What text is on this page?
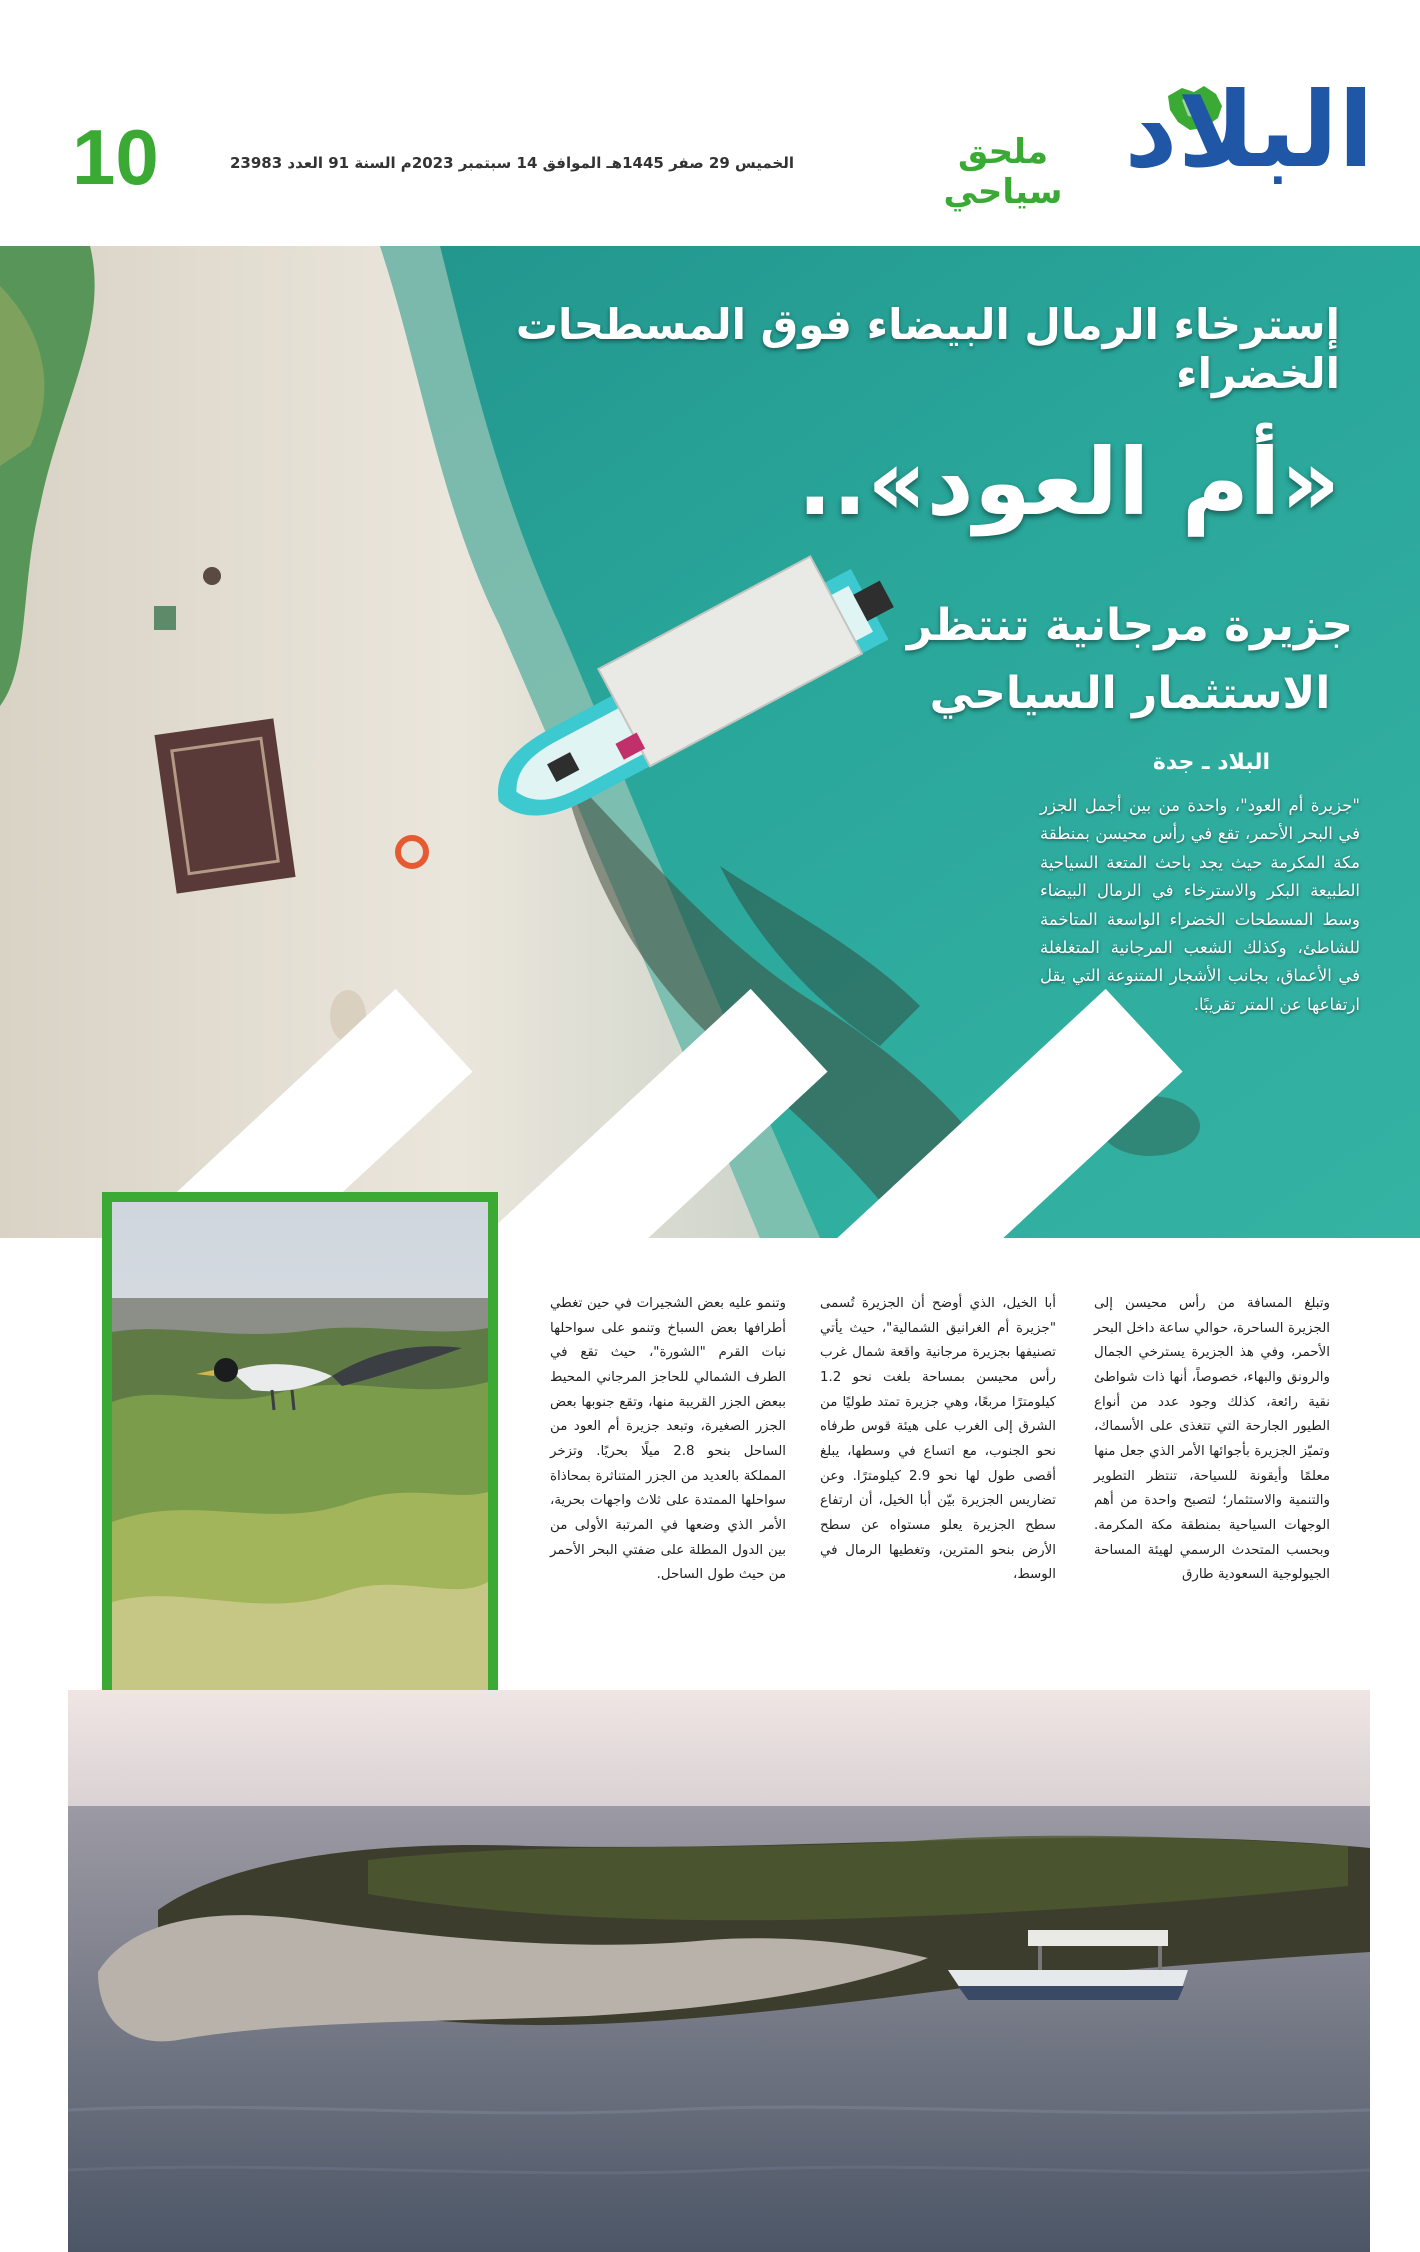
10	الخميس 29 صفر 1445هـ الموافق 14 سبتمبر 2023م السنة 91 العدد 23983	ملحق سياحي
البلاد
إسترخاء الرمال البيضاء فوق المسطحات الخضراء
«أم العود»..
جزيرة مرجانية تنتظر الاستثمار السياحي
البلاد ـ جدة
"جزيرة أم العود"، واحدة من بين أجمل الجزر في البحر الأحمر، تقع في رأس محيسن بمنطقة مكة المكرمة حيث يجد باحث المتعة السياحية الطبيعة البكر والاسترخاء في الرمال البيضاء وسط المسطحات الخضراء الواسعة المتاخمة للشاطئ، وكذلك الشعب المرجانية المتغلغلة في الأعماق، بجانب الأشجار المتنوعة التي يقل ارتفاعها عن المتر تقريبًا.
وتبلغ المسافة من رأس محيسن إلى الجزيرة الساحرة، حوالي ساعة داخل البحر الأحمر، وفي هذ الجزيرة يسترخي الجمال والرونق والبهاء، خصوصاً، أنها ذات شواطئ نقية رائعة، كذلك وجود عدد من أنواع الطيور الجارحة التي تتغذى على الأسماك، وتميّز الجزيرة بأجوائها الأمر الذي جعل منها معلمًا وأيقونة للسياحة، تنتظر التطوير والتنمية والاستثمار؛ لتصبح واحدة من أهم الوجهات السياحية بمنطقة مكة المكرمة. وبحسب المتحدث الرسمي لهيئة المساحة الجيولوجية السعودية طارق
أبا الخيل، الذي أوضح أن الجزيرة تُسمى "جزيرة أم الغرانيق الشمالية"، حيث يأتي تصنيفها بجزيرة مرجانية واقعة شمال غرب رأس محيسن بمساحة بلغت نحو 1.2 كيلومترًا مربعًا، وهي جزيرة تمتد طوليًا من الشرق إلى الغرب على هيئة قوس طرفاه نحو الجنوب، مع اتساع في وسطها، يبلغ أقصى طول لها نحو 2.9 كيلومترًا. وعن تضاريس الجزيرة بيّن أبا الخيل، أن ارتفاع سطح الجزيرة يعلو مستواه عن سطح الأرض بنحو المترين، وتغطيها الرمال في الوسط،
وتنمو عليه بعض الشجيرات في حين تغطي أطرافها بعض السباخ وتنمو على سواحلها نبات القرم "الشورة"، حيث تقع في الطرف الشمالي للحاجز المرجاني المحيط ببعض الجزر القريبة منها، وتقع جنوبها بعض الجزر الصغيرة، وتبعد جزيرة أم العود من الساحل بنحو 2.8 ميلًا بحريًا. وتزخر المملكة بالعديد من الجزر المتناثرة بمحاذاة سواحلها الممتدة على ثلاث واجهات بحرية، الأمر الذي وضعها في المرتبة الأولى من بين الدول المطلة على ضفتي البحر الأحمر من حيث طول الساحل.
